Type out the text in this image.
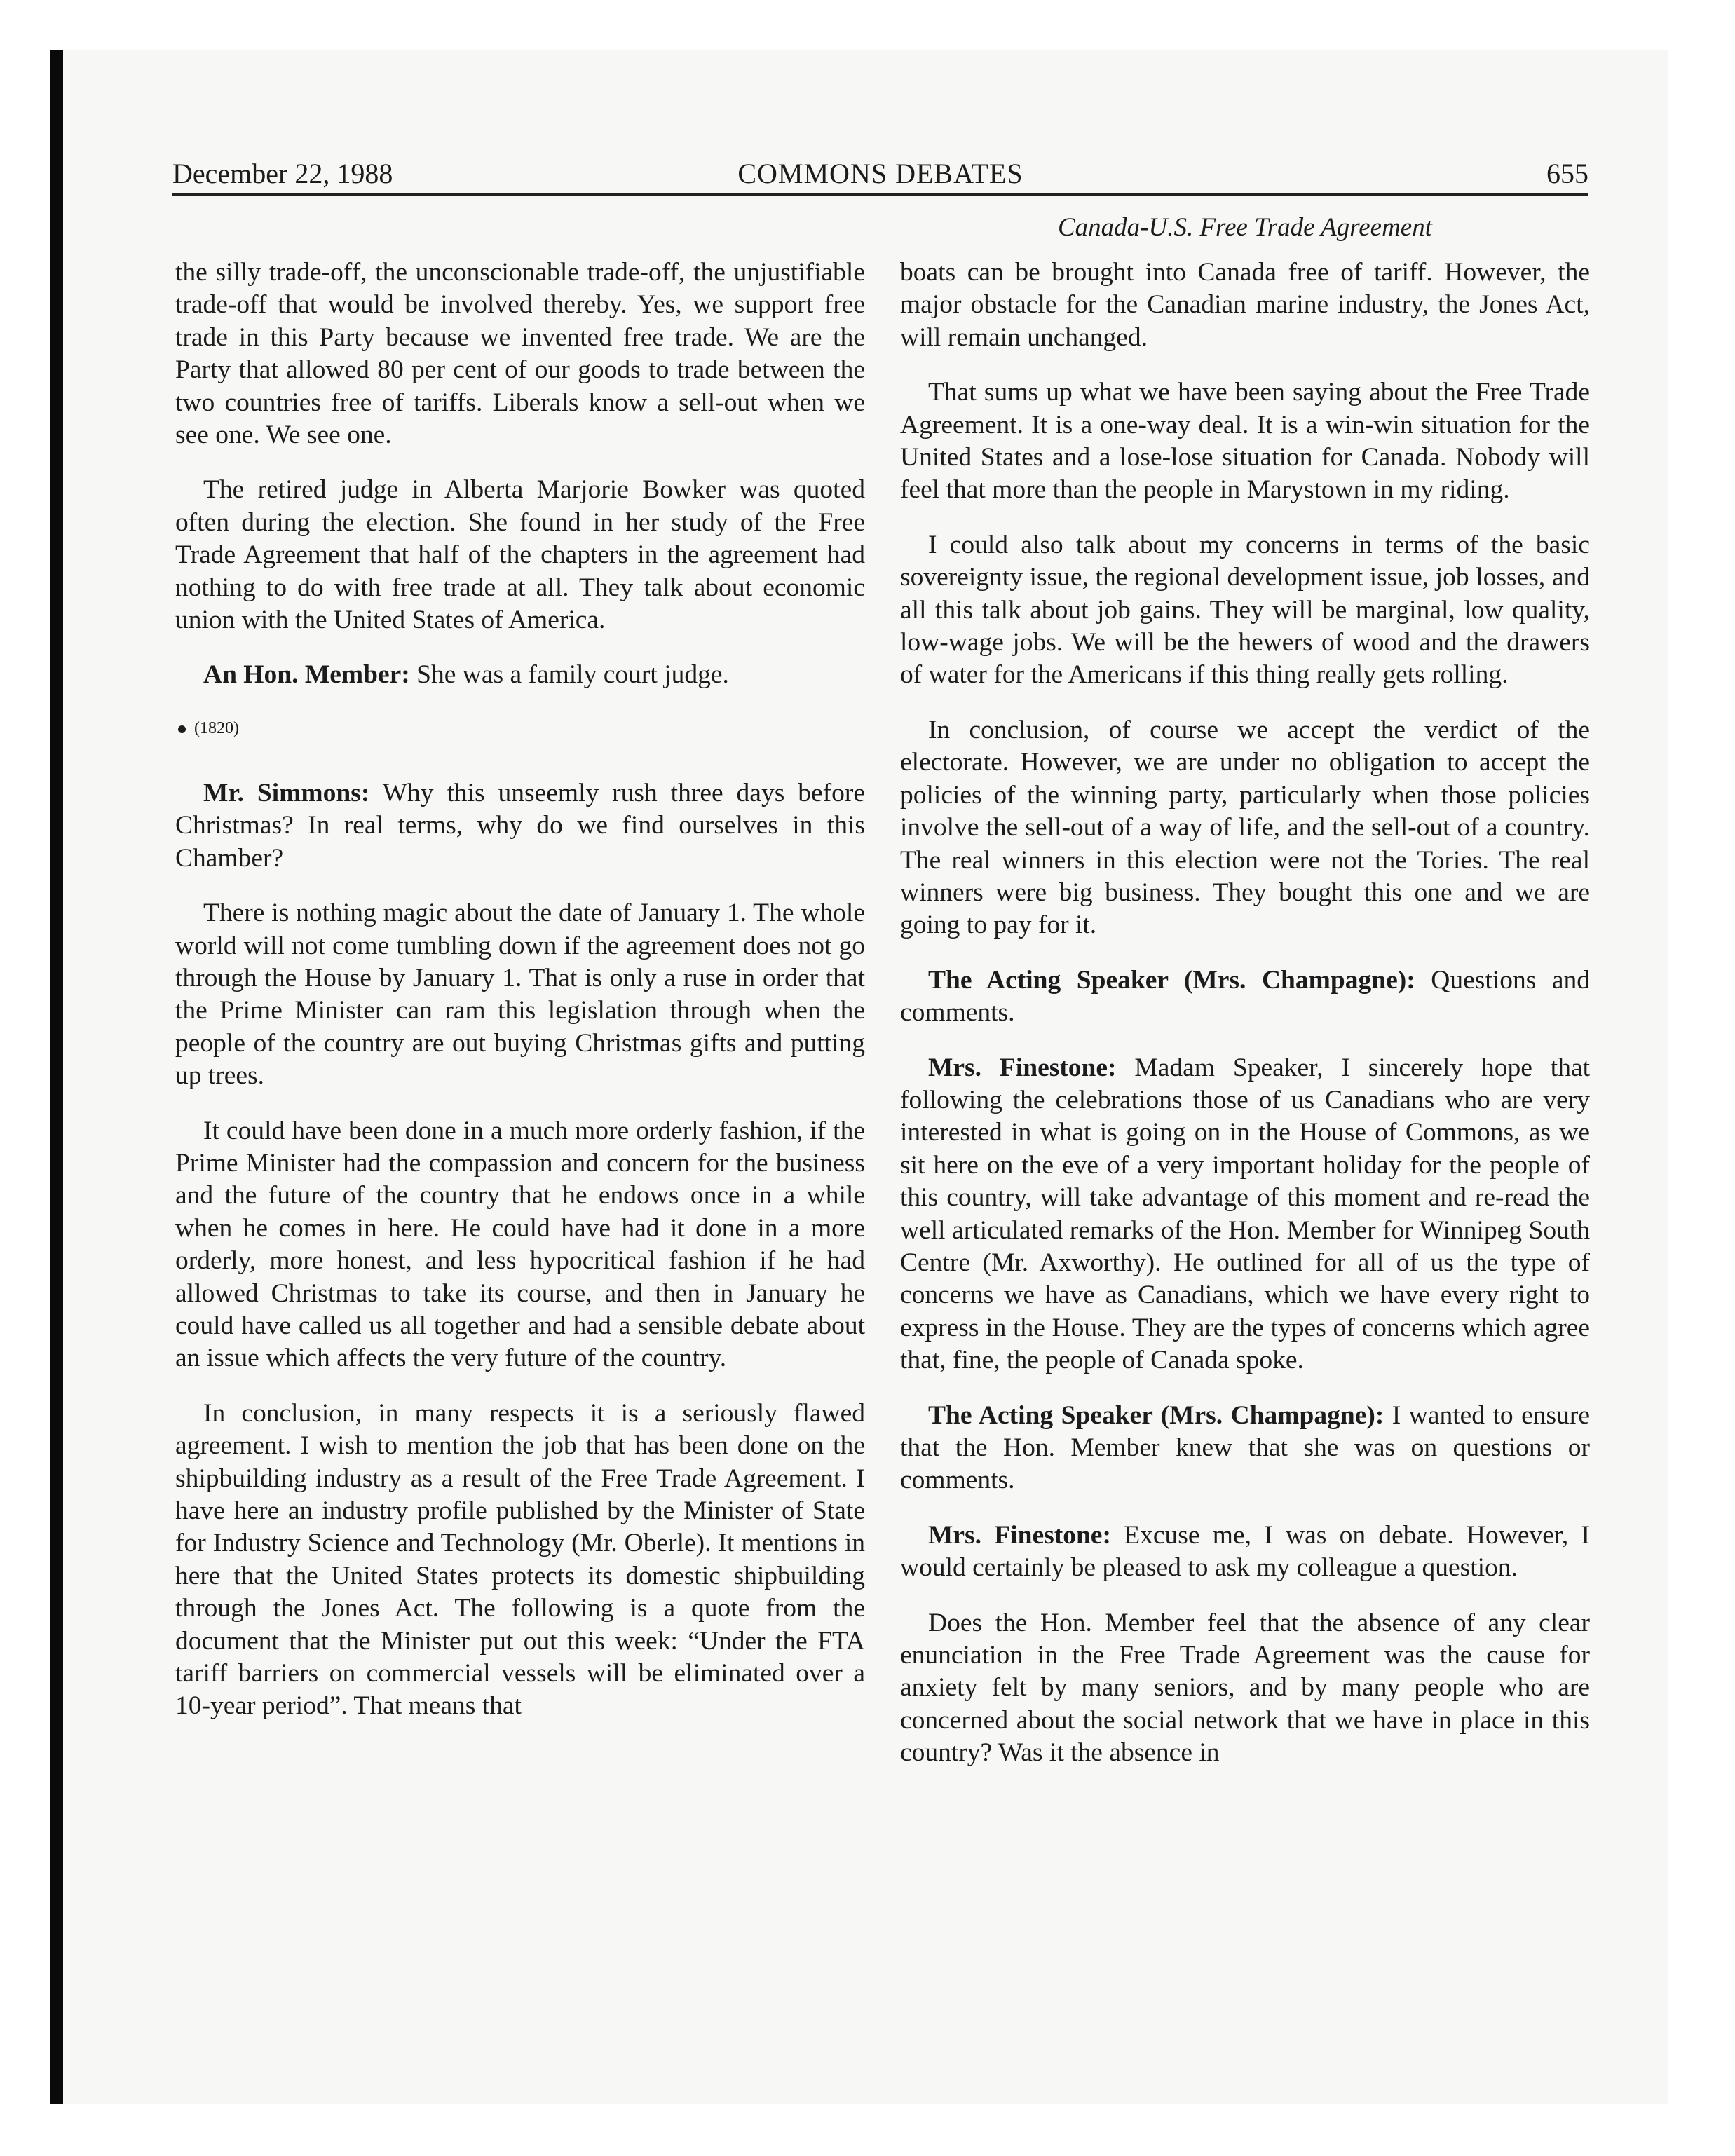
December 22, 1988	COMMONS DEBATES	655
Canada-U.S. Free Trade Agreement

the silly trade-off, the unconscionable trade-off, the unjustifiable trade-off that would be involved thereby. Yes, we support free trade in this Party because we invented free trade. We are the Party that allowed 80 per cent of our goods to trade between the two countries free of tariffs. Liberals know a sell-out when we see one. We see one.

The retired judge in Alberta Marjorie Bowker was quoted often during the election. She found in her study of the Free Trade Agreement that half of the chapters in the agreement had nothing to do with free trade at all. They talk about economic union with the United States of America.

An Hon. Member: She was a family court judge.

(1820)

Mr. Simmons: Why this unseemly rush three days before Christmas? In real terms, why do we find ourselves in this Chamber?

There is nothing magic about the date of January 1. The whole world will not come tumbling down if the agreement does not go through the House by January 1. That is only a ruse in order that the Prime Minister can ram this legislation through when the people of the country are out buying Christmas gifts and putting up trees.

It could have been done in a much more orderly fashion, if the Prime Minister had the compassion and concern for the business and the future of the country that he endows once in a while when he comes in here. He could have had it done in a more orderly, more honest, and less hypocritical fashion if he had allowed Christmas to take its course, and then in January he could have called us all together and had a sensible debate about an issue which affects the very future of the country.

In conclusion, in many respects it is a seriously flawed agreement. I wish to mention the job that has been done on the shipbuilding industry as a result of the Free Trade Agreement. I have here an industry profile published by the Minister of State for Industry Science and Technology (Mr. Oberle). It mentions in here that the United States protects its domestic shipbuilding through the Jones Act. The following is a quote from the document that the Minister put out this week: “Under the FTA tariff barriers on commercial vessels will be eliminated over a 10-year period”. That means that

boats can be brought into Canada free of tariff. However, the major obstacle for the Canadian marine industry, the Jones Act, will remain unchanged.

That sums up what we have been saying about the Free Trade Agreement. It is a one-way deal. It is a win-win situation for the United States and a lose-lose situation for Canada. Nobody will feel that more than the people in Marystown in my riding.

I could also talk about my concerns in terms of the basic sovereignty issue, the regional development issue, job losses, and all this talk about job gains. They will be marginal, low quality, low-wage jobs. We will be the hewers of wood and the drawers of water for the Americans if this thing really gets rolling.

In conclusion, of course we accept the verdict of the electorate. However, we are under no obligation to accept the policies of the winning party, particularly when those policies involve the sell-out of a way of life, and the sell-out of a country. The real winners in this election were not the Tories. The real winners were big business. They bought this one and we are going to pay for it.

The Acting Speaker (Mrs. Champagne): Questions and comments.

Mrs. Finestone: Madam Speaker, I sincerely hope that following the celebrations those of us Canadians who are very interested in what is going on in the House of Commons, as we sit here on the eve of a very important holiday for the people of this country, will take advantage of this moment and re-read the well articulated remarks of the Hon. Member for Winnipeg South Centre (Mr. Axworthy). He outlined for all of us the type of concerns we have as Canadians, which we have every right to express in the House. They are the types of concerns which agree that, fine, the people of Canada spoke.

The Acting Speaker (Mrs. Champagne): I wanted to ensure that the Hon. Member knew that she was on questions or comments.

Mrs. Finestone: Excuse me, I was on debate. However, I would certainly be pleased to ask my colleague a question.

Does the Hon. Member feel that the absence of any clear enunciation in the Free Trade Agreement was the cause for anxiety felt by many seniors, and by many people who are concerned about the social network that we have in place in this country? Was it the absence in
